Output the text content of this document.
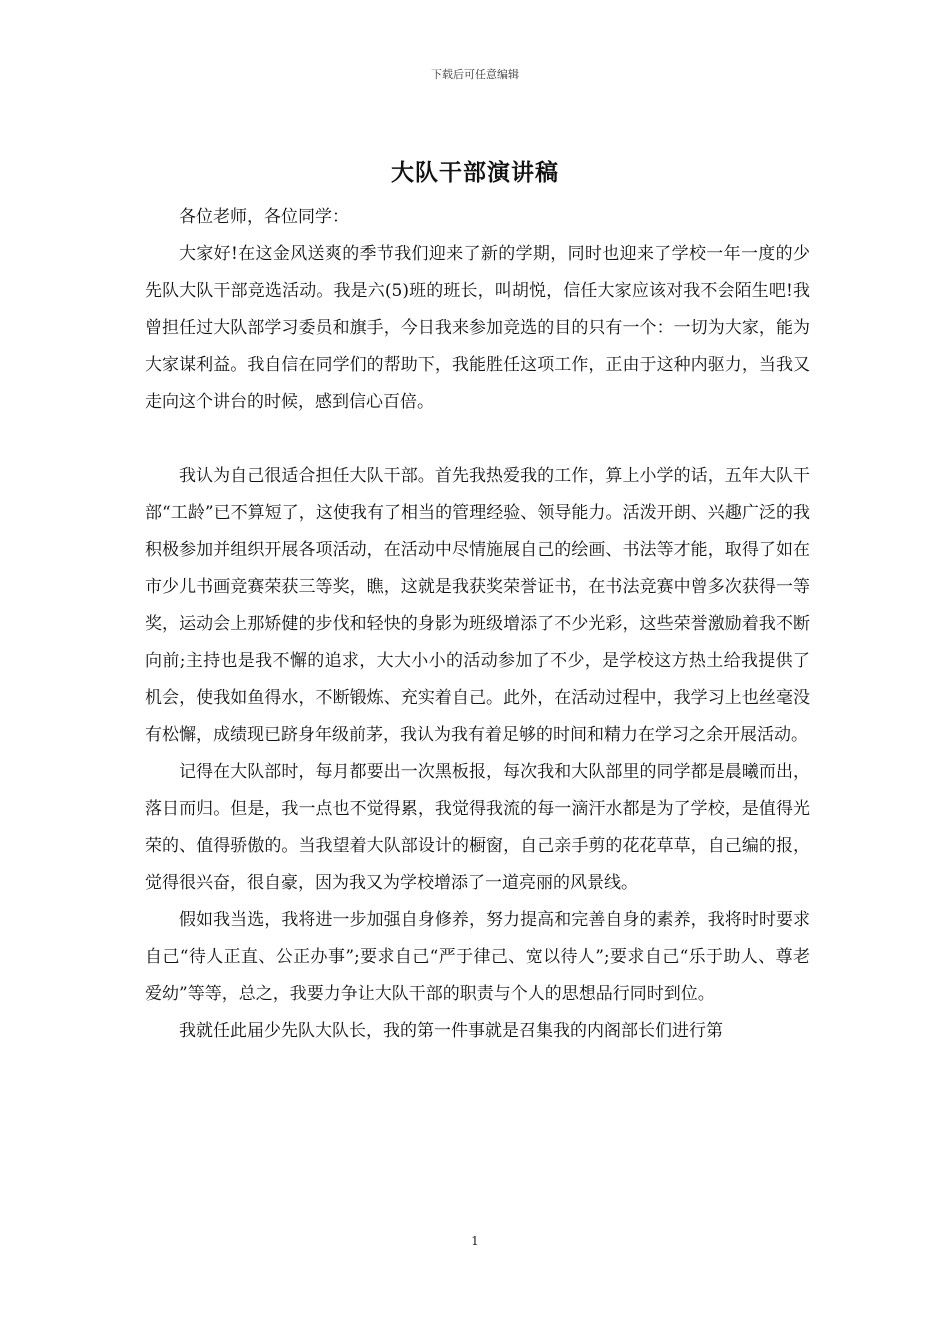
下载后可任意编辑
大队干部演讲稿

各位老师，各位同学：

大家好!在这金风送爽的季节我们迎来了新的学期，同时也迎来了学校一年一度的少先队大队干部竞选活动。我是六(5)班的班长，叫胡悦，信任大家应该对我不会陌生吧!我曾担任过大队部学习委员和旗手，今日我来参加竞选的目的只有一个：一切为大家，能为大家谋利益。我自信在同学们的帮助下，我能胜任这项工作，正由于这种内驱力，当我又走向这个讲台的时候，感到信心百倍。

我认为自己很适合担任大队干部。首先我热爱我的工作，算上小学的话，五年大队干部“工龄”已不算短了，这使我有了相当的管理经验、领导能力。活泼开朗、兴趣广泛的我积极参加并组织开展各项活动，在活动中尽情施展自己的绘画、书法等才能，取得了如在市少儿书画竞赛荣获三等奖，瞧，这就是我获奖荣誉证书，在书法竞赛中曾多次获得一等奖，运动会上那矫健的步伐和轻快的身影为班级增添了不少光彩，这些荣誉激励着我不断向前;主持也是我不懈的追求，大大小小的活动参加了不少，是学校这方热土给我提供了机会，使我如鱼得水，不断锻炼、充实着自己。此外，在活动过程中，我学习上也丝毫没有松懈，成绩现已跻身年级前茅，我认为我有着足够的时间和精力在学习之余开展活动。

记得在大队部时，每月都要出一次黑板报，每次我和大队部里的同学都是晨曦而出，落日而归。但是，我一点也不觉得累，我觉得我流的每一滴汗水都是为了学校，是值得光荣的、值得骄傲的。当我望着大队部设计的橱窗，自己亲手剪的花花草草，自己编的报，觉得很兴奋，很自豪，因为我又为学校增添了一道亮丽的风景线。

假如我当选，我将进一步加强自身修养，努力提高和完善自身的素养，我将时时要求自己“待人正直、公正办事”;要求自己“严于律己、宽以待人”;要求自己“乐于助人、尊老爱幼”等等，总之，我要力争让大队干部的职责与个人的思想品行同时到位。

我就任此届少先队大队长，我的第一件事就是召集我的内阁部长们进行第

1
